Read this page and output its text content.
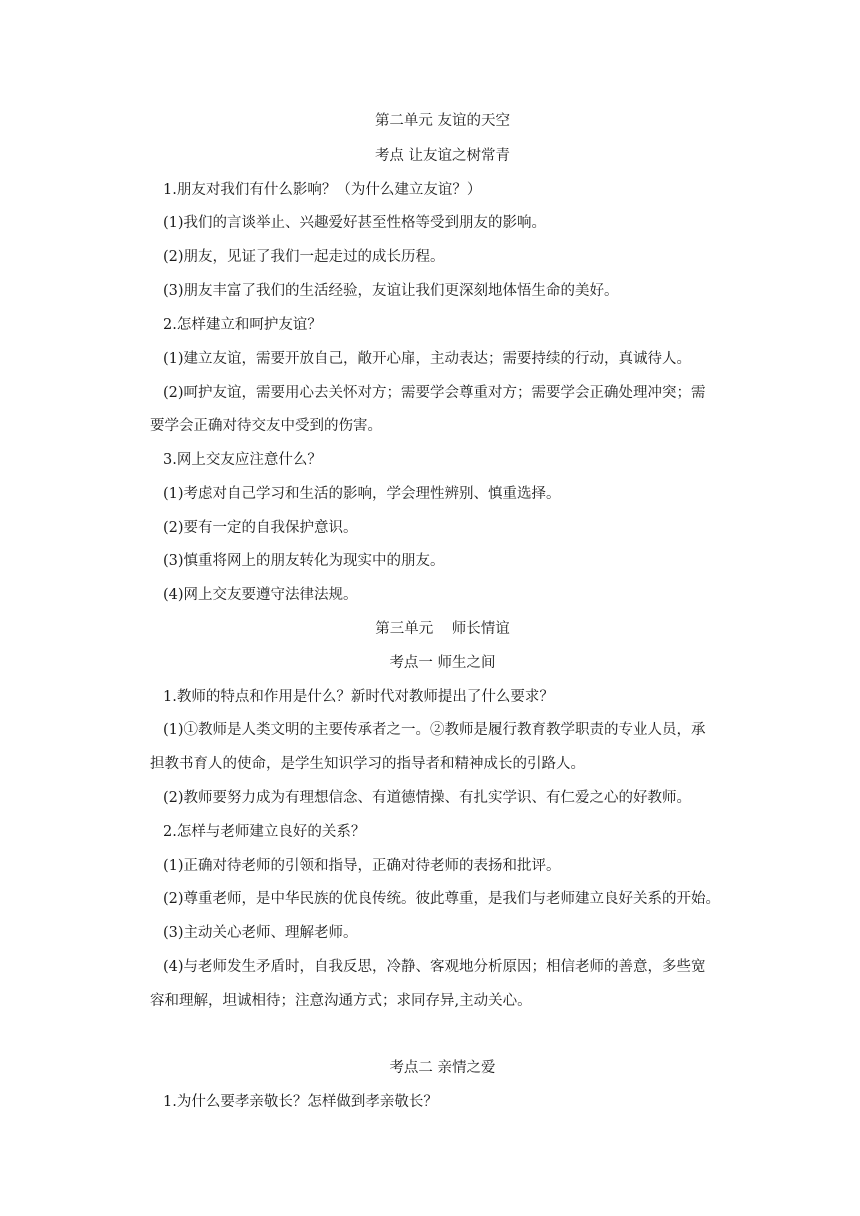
第二单元 友谊的天空
考点 让友谊之树常青
1.朋友对我们有什么影响？（为什么建立友谊？）
(1)我们的言谈举止、兴趣爱好甚至性格等受到朋友的影响。
(2)朋友，见证了我们一起走过的成长历程。
(3)朋友丰富了我们的生活经验，友谊让我们更深刻地体悟生命的美好。
2.怎样建立和呵护友谊？
(1)建立友谊，需要开放自己，敞开心扉，主动表达；需要持续的行动，真诚待人。
(2)呵护友谊，需要用心去关怀对方；需要学会尊重对方；需要学会正确处理冲突；需
要学会正确对待交友中受到的伤害。
3.网上交友应注意什么？
(1)考虑对自己学习和生活的影响，学会理性辨别、慎重选择。
(2)要有一定的自我保护意识。
(3)慎重将网上的朋友转化为现实中的朋友。
(4)网上交友要遵守法律法规。
第三单元    师长情谊
考点一 师生之间
1.教师的特点和作用是什么？新时代对教师提出了什么要求？
(1)①教师是人类文明的主要传承者之一。②教师是履行教育教学职责的专业人员，承
担教书育人的使命，是学生知识学习的指导者和精神成长的引路人。
(2)教师要努力成为有理想信念、有道德情操、有扎实学识、有仁爱之心的好教师。
2.怎样与老师建立良好的关系？
(1)正确对待老师的引领和指导，正确对待老师的表扬和批评。
(2)尊重老师，是中华民族的优良传统。彼此尊重，是我们与老师建立良好关系的开始。
(3)主动关心老师、理解老师。
(4)与老师发生矛盾时，自我反思，冷静、客观地分析原因；相信老师的善意，多些宽
容和理解，坦诚相待；注意沟通方式；求同存异,主动关心。
考点二 亲情之爱
1.为什么要孝亲敬长？怎样做到孝亲敬长？
